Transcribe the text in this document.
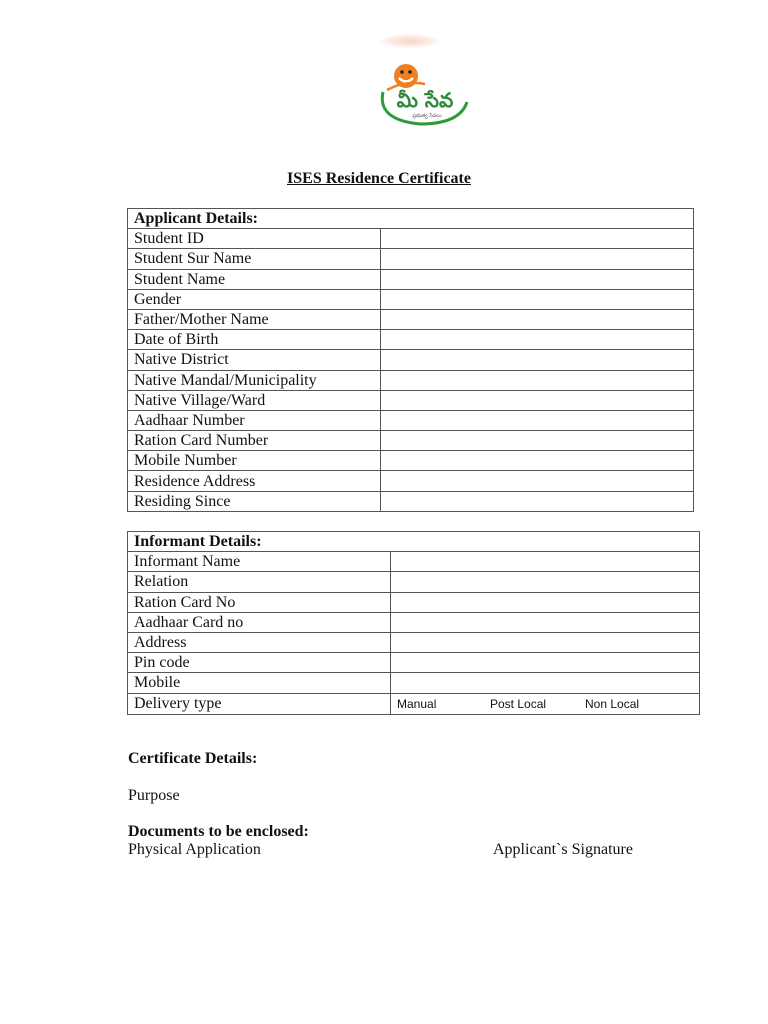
మీ సేవ
ప్రభుత్వ సేవలు
ISES Residence Certificate
Applicant Details:	
Student ID	
Student Sur Name	
Student Name	
Gender	
Father/Mother Name	
Date of Birth	
Native District	
Native Mandal/Municipality	
Native Village/Ward	
Aadhaar Number	
Ration Card Number	
Mobile Number	
Residence Address	
Residing Since	
Informant Details:	
Informant Name	
Relation	
Ration Card No	
Aadhaar Card no	
Address	
Pin code	
Mobile	
Delivery type	Manual Post Local Non Local
Certificate Details:
Purpose
Documents to be enclosed:
Physical Application	Applicant`s Signature
